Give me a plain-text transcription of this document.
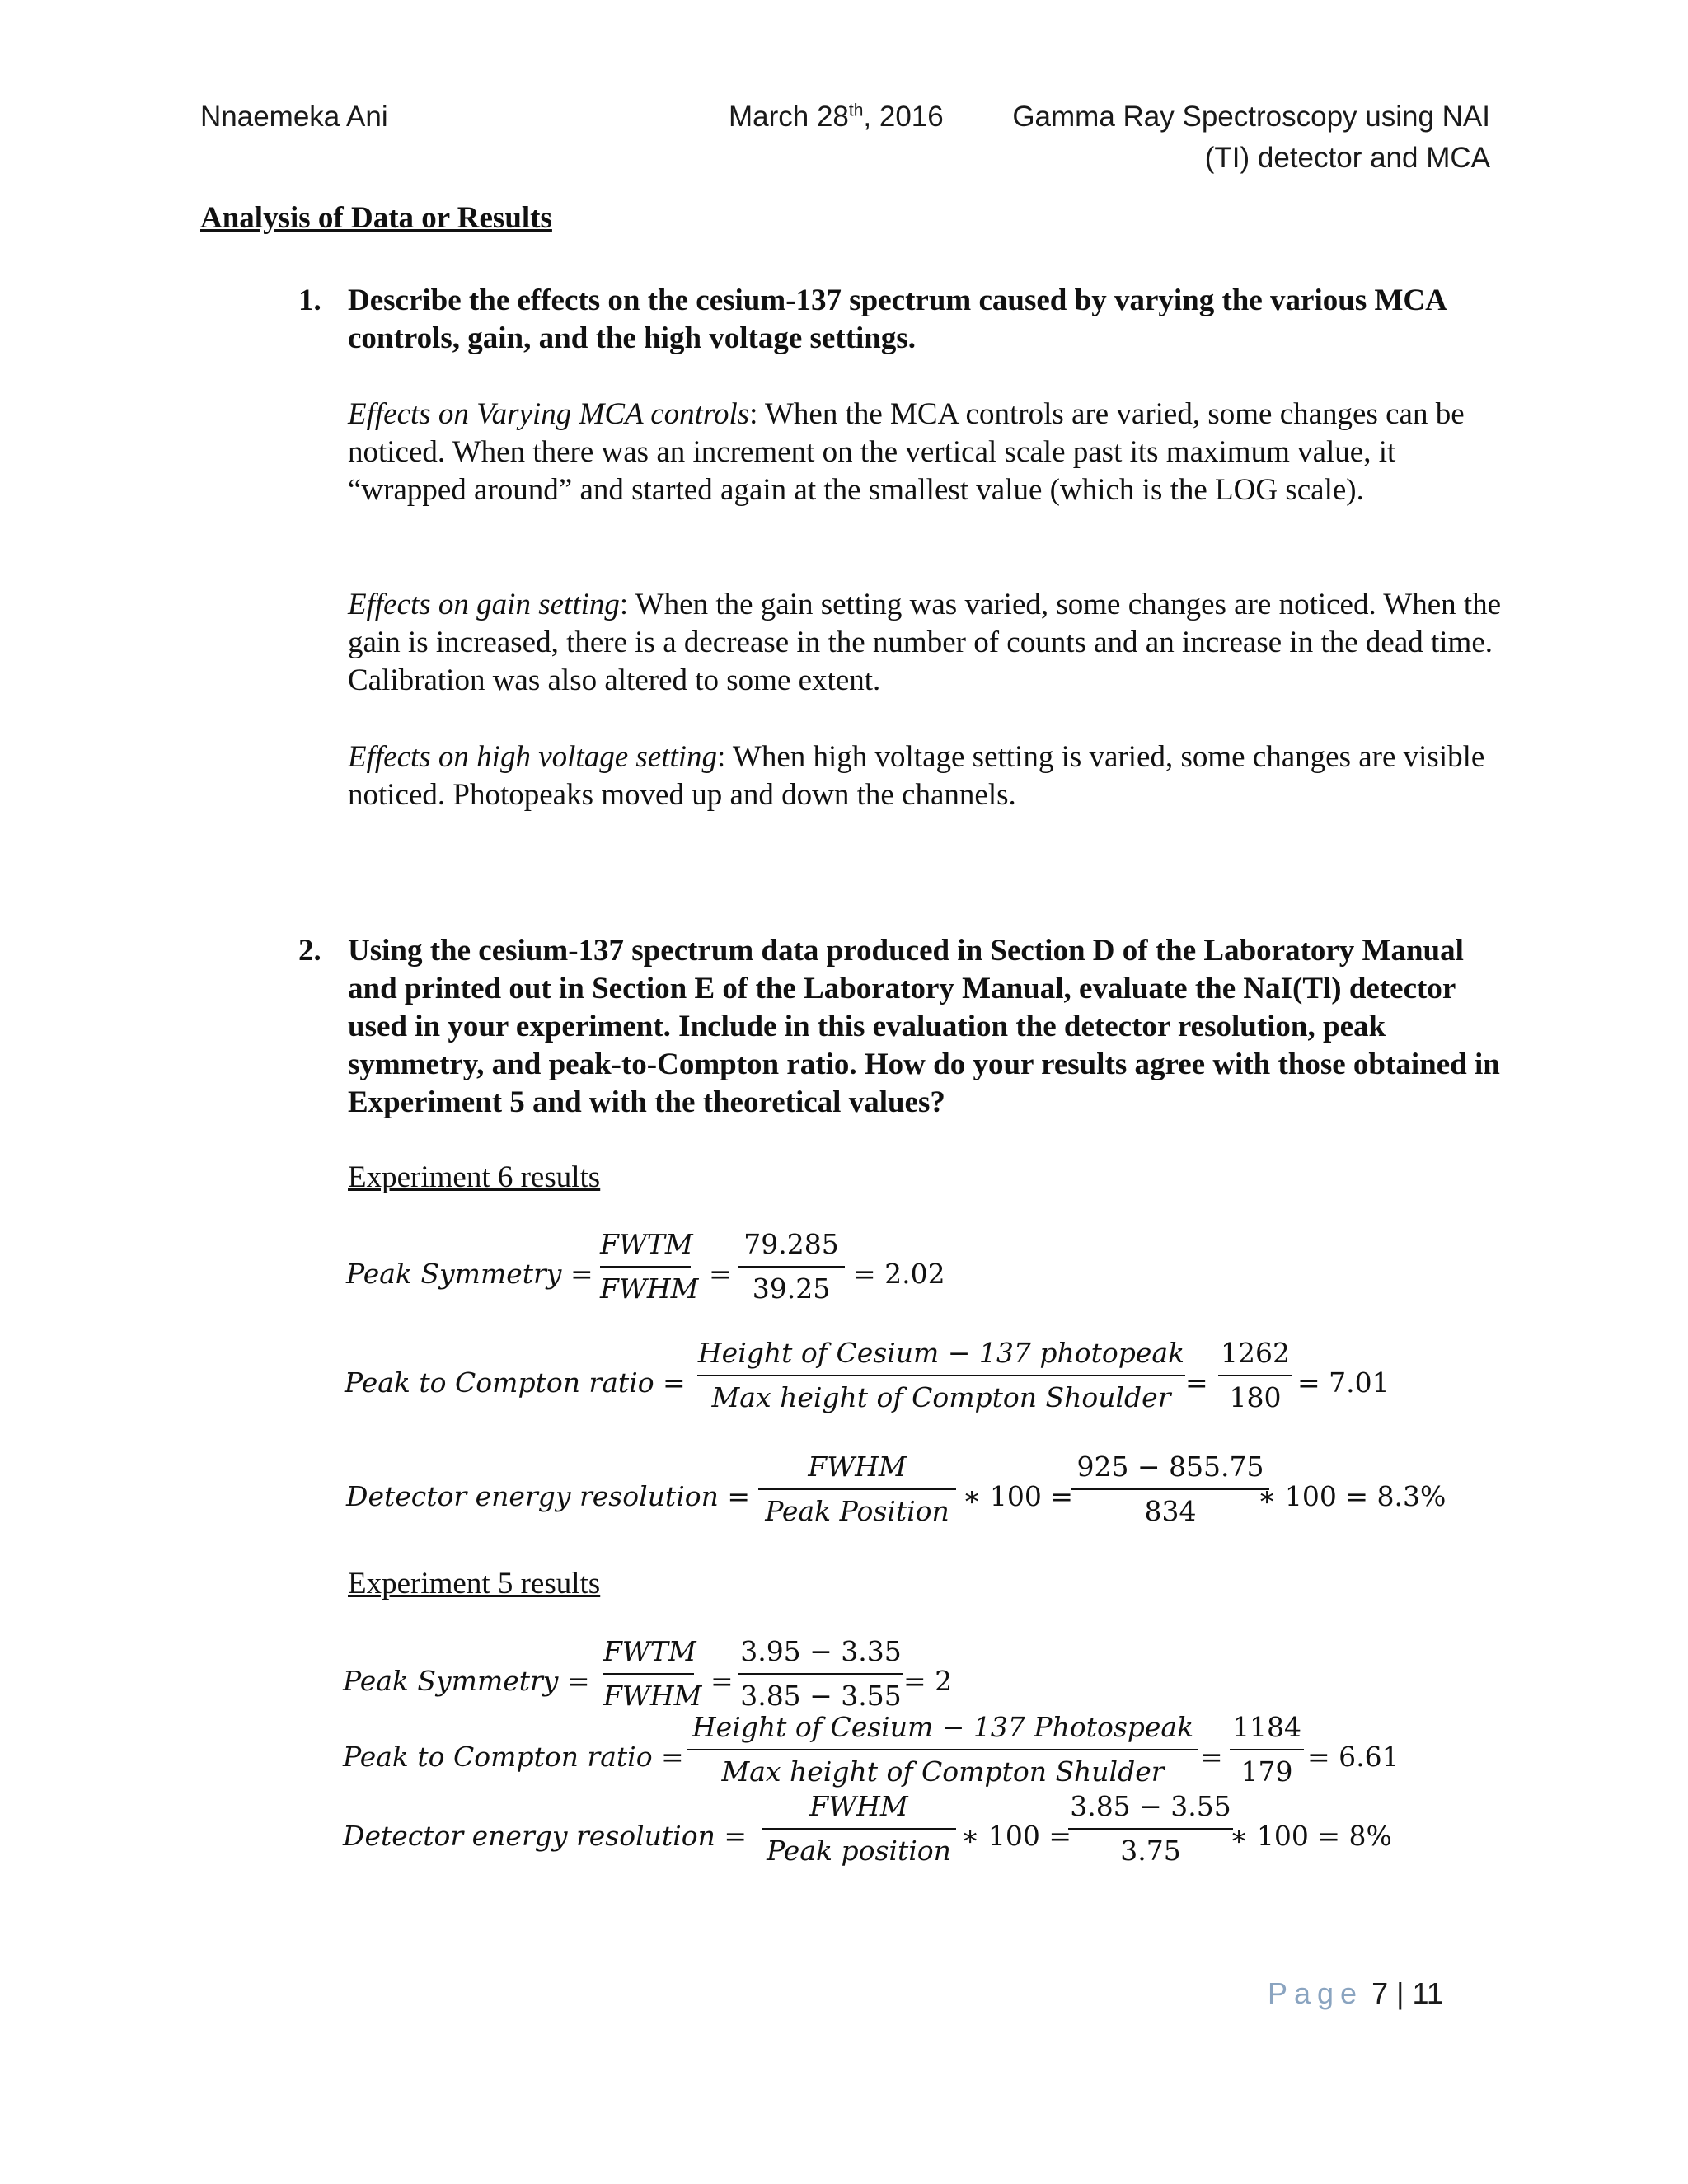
Nnaemeka Ani	March 28th, 2016 Gamma Ray Spectroscopy using NAI
(TI) detector and MCA
Analysis of Data or Results
1. Describe the effects on the cesium-137 spectrum caused by varying the various MCA controls, gain, and the high voltage settings.
Effects on Varying MCA controls: When the MCA controls are varied, some changes can be noticed. When there was an increment on the vertical scale past its maximum value, it “wrapped around” and started again at the smallest value (which is the LOG scale).
Effects on gain setting: When the gain setting was varied, some changes are noticed. When the gain is increased, there is a decrease in the number of counts and an increase in the dead time. Calibration was also altered to some extent.
Effects on high voltage setting: When high voltage setting is varied, some changes are visible noticed. Photopeaks moved up and down the channels.
2. Using the cesium-137 spectrum data produced in Section D of the Laboratory Manual and printed out in Section E of the Laboratory Manual, evaluate the NaI(Tl) detector used in your experiment. Include in this evaluation the detector resolution, peak symmetry, and peak-to-Compton ratio. How do your results agree with those obtained in Experiment 5 and with the theoretical values?
Experiment 6 results
Peak Symmetry =
FWTM
FWHM =
79.285
39.25 = 2.02
Peak to Compton ratio =
Height of Cesium − 137 photopeak
Max height of Compton Shoulder =
1262
180 = 7.01
Detector energy resolution =
FWHM
Peak Position ∗ 100 =
925 − 855.75
834	∗ 100 = 8.3%
Experiment 5 results
Peak Symmetry =
FWTM
FWHM =
3.95 − 3.35
3.85 − 3.55 = 2
Peak to Compton ratio =
Height of Cesium − 137 Photospeak
Max height of Compton Shulder	=
1184
179 = 6.61
Detector energy resolution =
FWHM
Peak position ∗ 100 =
3.85 − 3.55
3.75	∗ 100 = 8%
Page 7 | 11
